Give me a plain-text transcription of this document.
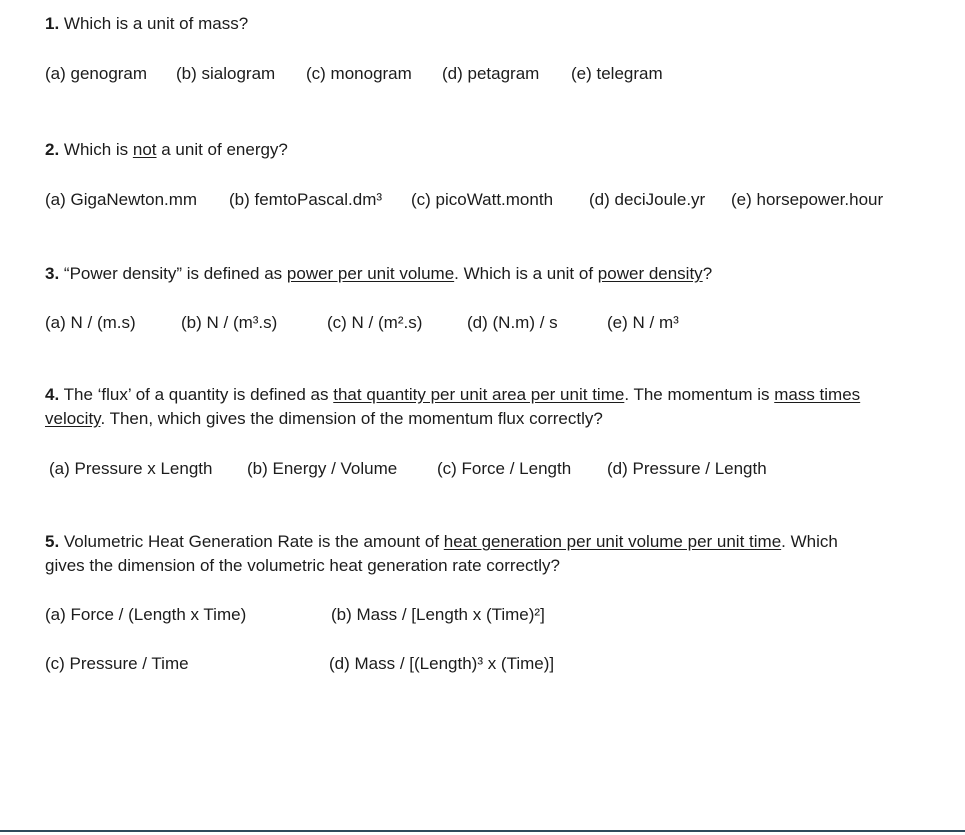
1. Which is a unit of mass?
(a) genogram (b) sialogram (c) monogram (d) petagram (e) telegram
2. Which is not a unit of energy?
(a) GigaNewton.mm (b) femtoPascal.dm³ (c) picoWatt.month (d) deciJoule.yr (e) horsepower.hour
3. “Power density” is defined as power per unit volume. Which is a unit of power density?
(a) N / (m.s)	(b) N / (m³.s)	(c) N / (m².s)	(d) (N.m) / s	(e) N / m³
4. The ‘flux’ of a quantity is defined as that quantity per unit area per unit time. The momentum is mass times
velocity. Then, which gives the dimension of the momentum flux correctly?
(a) Pressure x Length (b) Energy / Volume (c) Force / Length (d) Pressure / Length
5. Volumetric Heat Generation Rate is the amount of heat generation per unit volume per unit time. Which
gives the dimension of the volumetric heat generation rate correctly?
(a) Force / (Length x Time)	(b) Mass / [Length x (Time)²]
(c) Pressure / Time	(d) Mass / [(Length)³ x (Time)]
